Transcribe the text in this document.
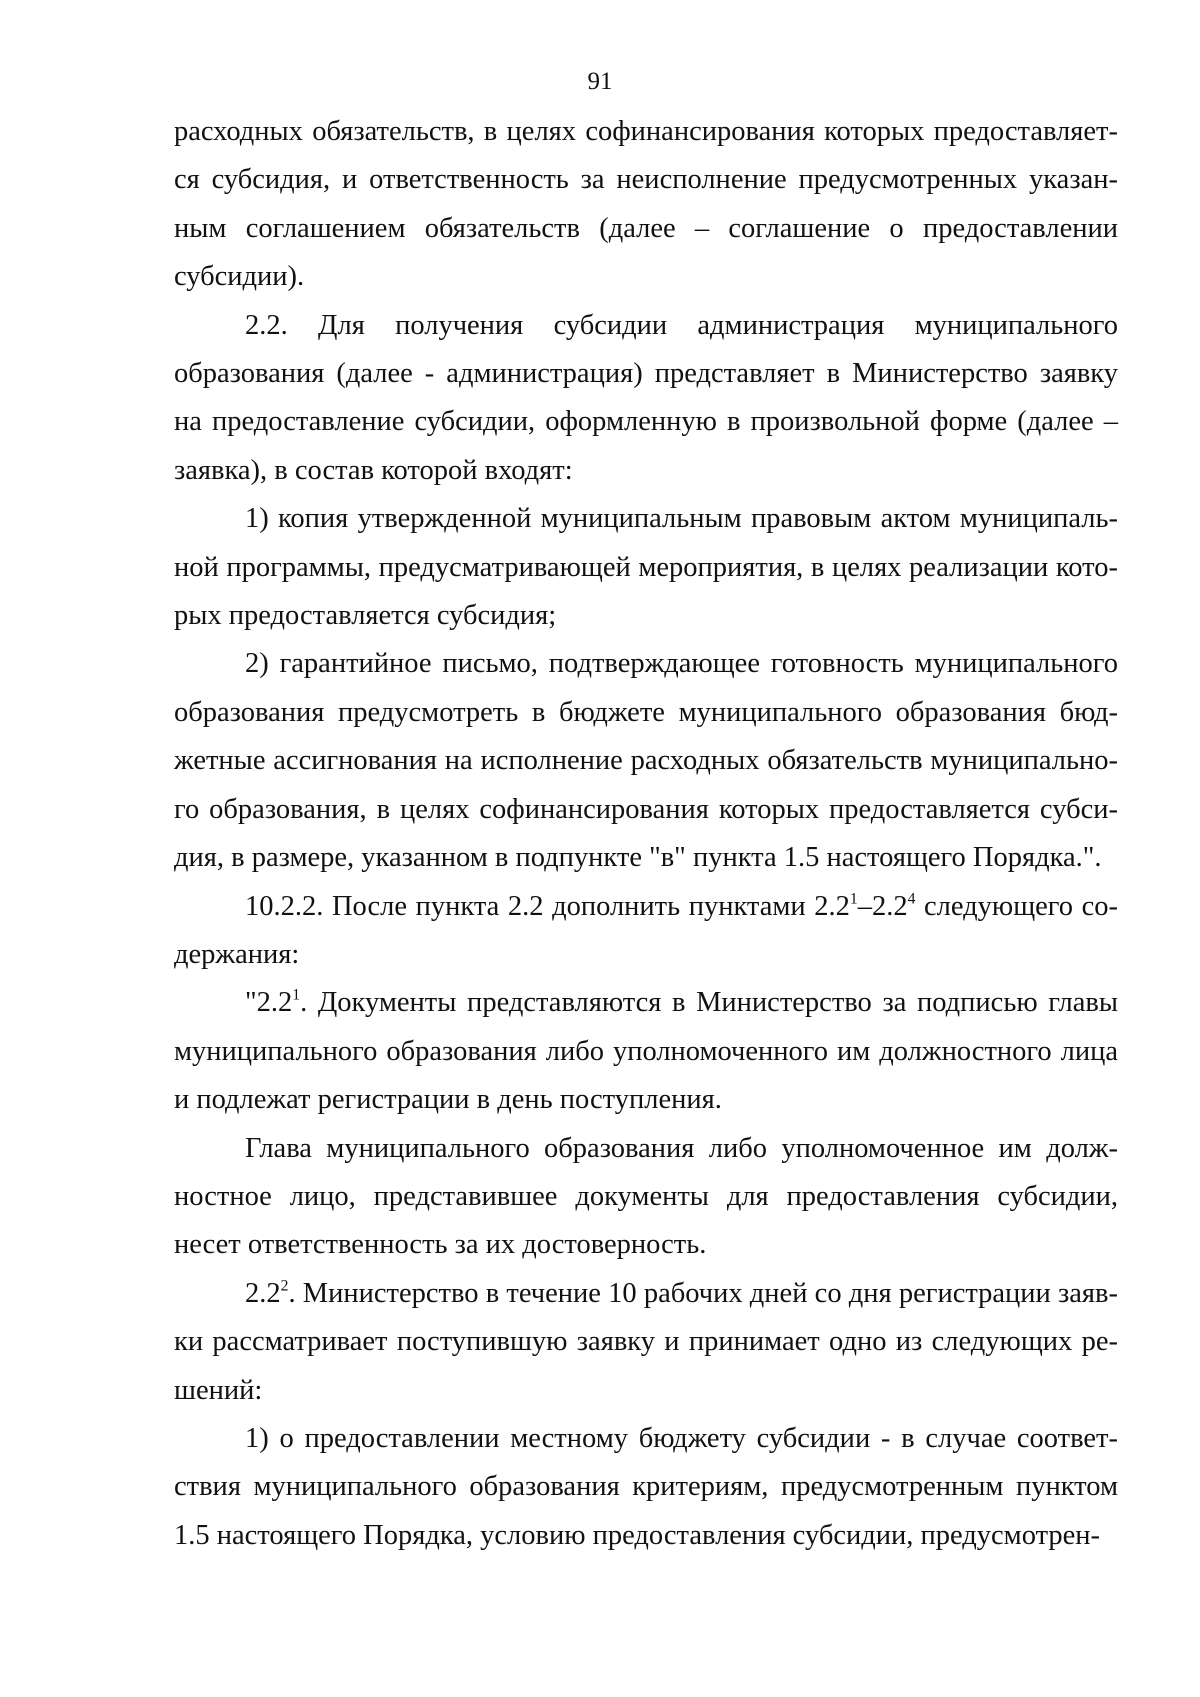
91

расходных обязательств, в целях софинансирования которых предоставляется субсидия, и ответственность за неисполнение предусмотренных указанным соглашением обязательств (далее – соглашение о предоставлении субсидии).

2.2. Для получения субсидии администрация муниципального образования (далее - администрация) представляет в Министерство заявку на предоставление субсидии, оформленную в произвольной форме (далее – заявка), в состав которой входят:

1) копия утвержденной муниципальным правовым актом муниципальной программы, предусматривающей мероприятия, в целях реализации которых предоставляется субсидия;

2) гарантийное письмо, подтверждающее готовность муниципального образования предусмотреть в бюджете муниципального образования бюджетные ассигнования на исполнение расходных обязательств муниципального образования, в целях софинансирования которых предоставляется субсидия, в размере, указанном в подпункте "в" пункта 1.5 настоящего Порядка.".

10.2.2. После пункта 2.2 дополнить пунктами $2.2^1-2.2^4$ следующего содержания:

"$2.2^1$. Документы представляются в Министерство за подписью главы муниципального образования либо уполномоченного им должностного лица и подлежат регистрации в день поступления.

Глава муниципального образования либо уполномоченное им должностное лицо, представившее документы для предоставления субсидии, несет ответственность за их достоверность.

$2.2^2$. Министерство в течение 10 рабочих дней со дня регистрации заявки рассматривает поступившую заявку и принимает одно из следующих решений:

1) о предоставлении местному бюджету субсидии - в случае соответствия муниципального образования критериям, предусмотренным пунктом 1.5 настоящего Порядка, условию предоставления субсидии, предусмотрен-
